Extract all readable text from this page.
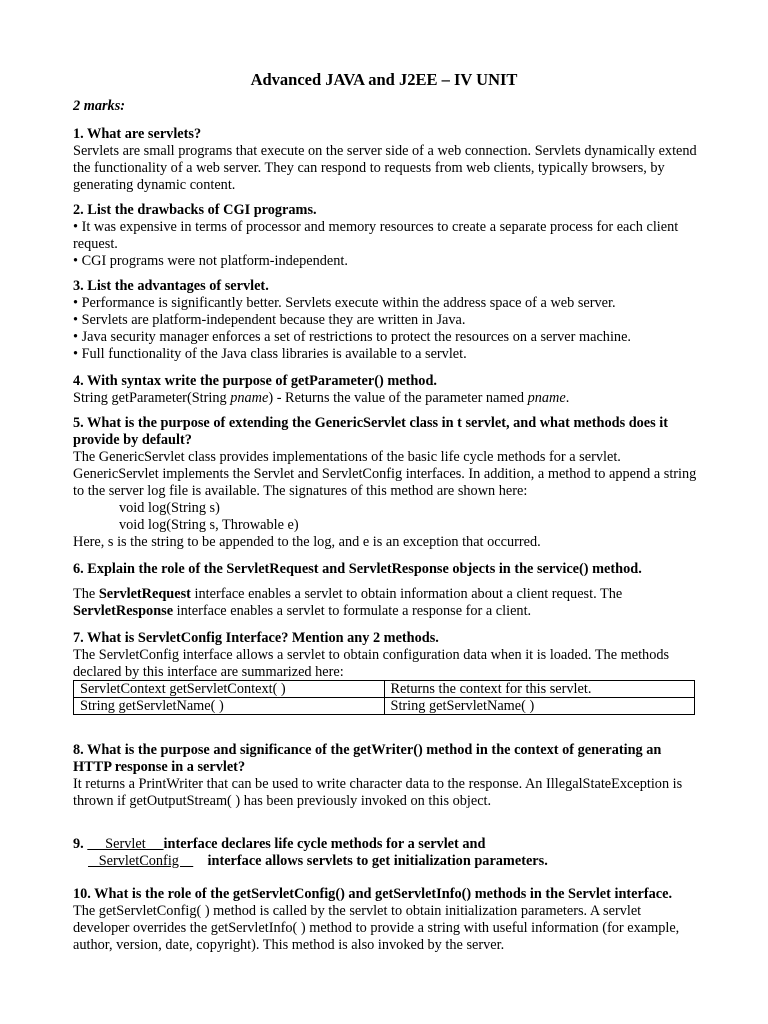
Advanced JAVA and J2EE – IV UNIT

2 marks:

1. What are servlets?

Servlets are small programs that execute on the server side of a web connection. Servlets dynamically extend the functionality of a web server. They can respond to requests from web clients, typically browsers, by generating dynamic content.

2. List the drawbacks of CGI programs.

• It was expensive in terms of processor and memory resources to create a separate process for each client request.

• CGI programs were not platform-independent.

3. List the advantages of servlet.

• Performance is significantly better. Servlets execute within the address space of a web server.

• Servlets are platform-independent because they are written in Java.

• Java security manager enforces a set of restrictions to protect the resources on a server machine.

• Full functionality of the Java class libraries is available to a servlet.

4. With syntax write the purpose of getParameter() method.

String getParameter(String pname) - Returns the value of the parameter named pname.

5. What is the purpose of extending the GenericServlet class in t servlet, and what methods does it provide by default?

The GenericServlet class provides implementations of the basic life cycle methods for a servlet. GenericServlet implements the Servlet and ServletConfig interfaces. In addition, a method to append a string to the server log file is available. The signatures of this method are shown here:

void log(String s)

void log(String s, Throwable e)

Here, s is the string to be appended to the log, and e is an exception that occurred.

6. Explain the role of the ServletRequest and ServletResponse objects in the service() method.

The ServletRequest interface enables a servlet to obtain information about a client request. The ServletResponse interface enables a servlet to formulate a response for a client.

7. What is ServletConfig Interface? Mention any 2 methods.

The ServletConfig interface allows a servlet to obtain configuration data when it is loaded. The methods declared by this interface are summarized here:

ServletContext getServletContext( )	Returns the context for this servlet.
String getServletName( )	String getServletName( )

8. What is the purpose and significance of the getWriter() method in the context of generating an HTTP response in a servlet?

It returns a PrintWriter that can be used to write character data to the response. An IllegalStateException is thrown if getOutputStream( ) has been previously invoked on this object.

9.      Servlet     interface declares life cycle methods for a servlet and

ServletConfig        interface allows servlets to get initialization parameters.

10. What is the role of the getServletConfig() and getServletInfo() methods in the Servlet interface.

The getServletConfig( ) method is called by the servlet to obtain initialization parameters. A servlet developer overrides the getServletInfo( ) method to provide a string with useful information (for example, author, version, date, copyright). This method is also invoked by the server.
